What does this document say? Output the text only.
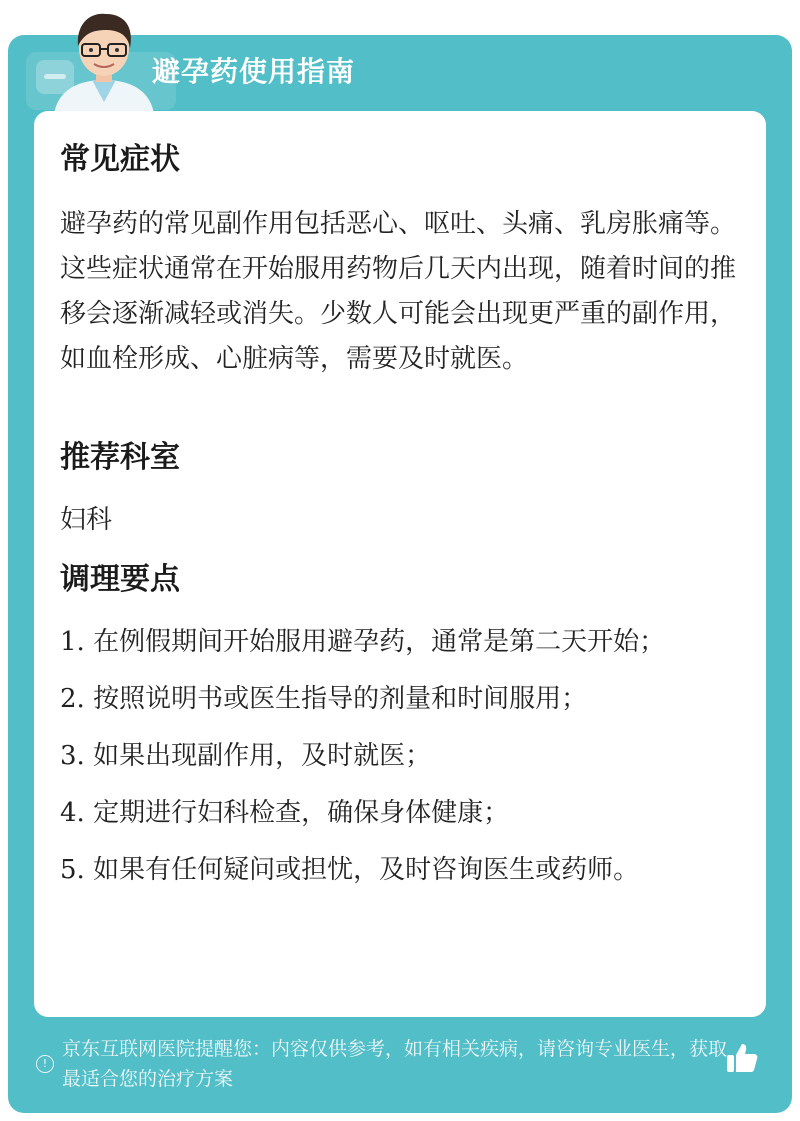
避孕药使用指南
常见症状

避孕药的常见副作用包括恶心、呕吐、头痛、乳房胀痛等。这些症状通常在开始服用药物后几天内出现，随着时间的推移会逐渐减轻或消失。少数人可能会出现更严重的副作用，如血栓形成、心脏病等，需要及时就医。

推荐科室

妇科

调理要点
1. 在例假期间开始服用避孕药，通常是第二天开始；
2. 按照说明书或医生指导的剂量和时间服用；
3. 如果出现副作用，及时就医；
4. 定期进行妇科检查，确保身体健康；
5. 如果有任何疑问或担忧，及时咨询医生或药师。
!
京东互联网医院提醒您：内容仅供参考，如有相关疾病，请咨询专业医生，获取最适合您的治疗方案
